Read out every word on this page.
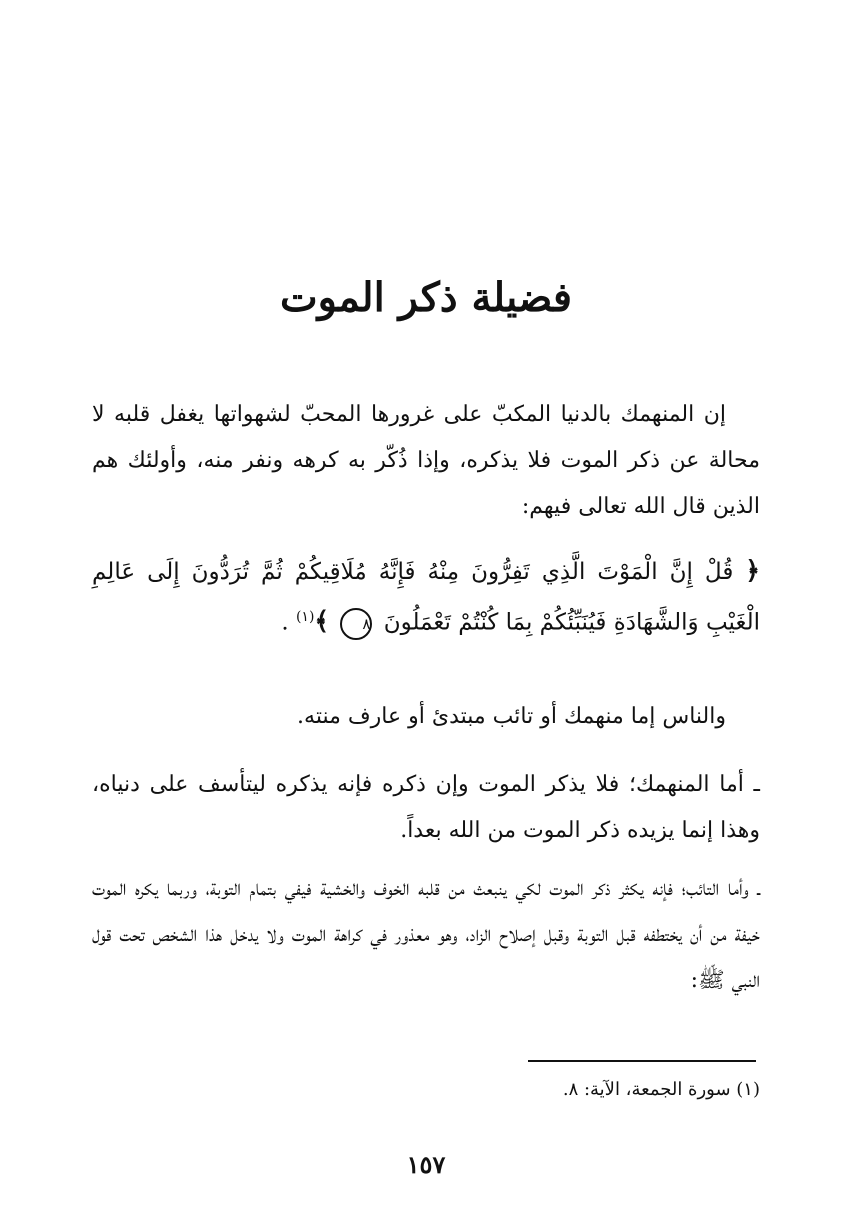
فضيلة ذكر الموت
إن المنهمك بالدنيا المكبّ على غرورها المحبّ لشهواتها يغفل قلبه لا محالة عن ذكر الموت فلا يذكره، وإذا ذُكّر به كرهه ونفر منه، وأولئك هم الذين قال الله تعالى فيهم:
﴿ قُلْ إِنَّ الْمَوْتَ الَّذِي تَفِرُّونَ مِنْهُ فَإِنَّهُ مُلَاقِيكُمْ ثُمَّ تُرَدُّونَ إِلَى عَالِمِ الْغَيْبِ وَالشَّهَادَةِ فَيُنَبِّئُكُمْ بِمَا كُنْتُمْ تَعْمَلُونَ ٨ ﴾$^{(١)}$ .
والناس إما منهمك أو تائب مبتدئ أو عارف منته.
ـ أما المنهمك؛ فلا يذكر الموت وإن ذكره فإنه يذكره ليتأسف على دنياه، وهذا إنما يزيده ذكر الموت من الله بعداً.
ـ وأما التائب؛ فإنه يكثر ذكر الموت لكي ينبعث من قلبه الخوف والخشية فيفي بتمام التوبة، وربما يكره الموت خيفة من أن يختطفه قبل التوبة وقبل إصلاح الزاد، وهو معذور في كراهة الموت ولا يدخل هذا الشخص تحت قول النبي ﷺ:
(١) سورة الجمعة، الآية: ٨.
١٥٧
